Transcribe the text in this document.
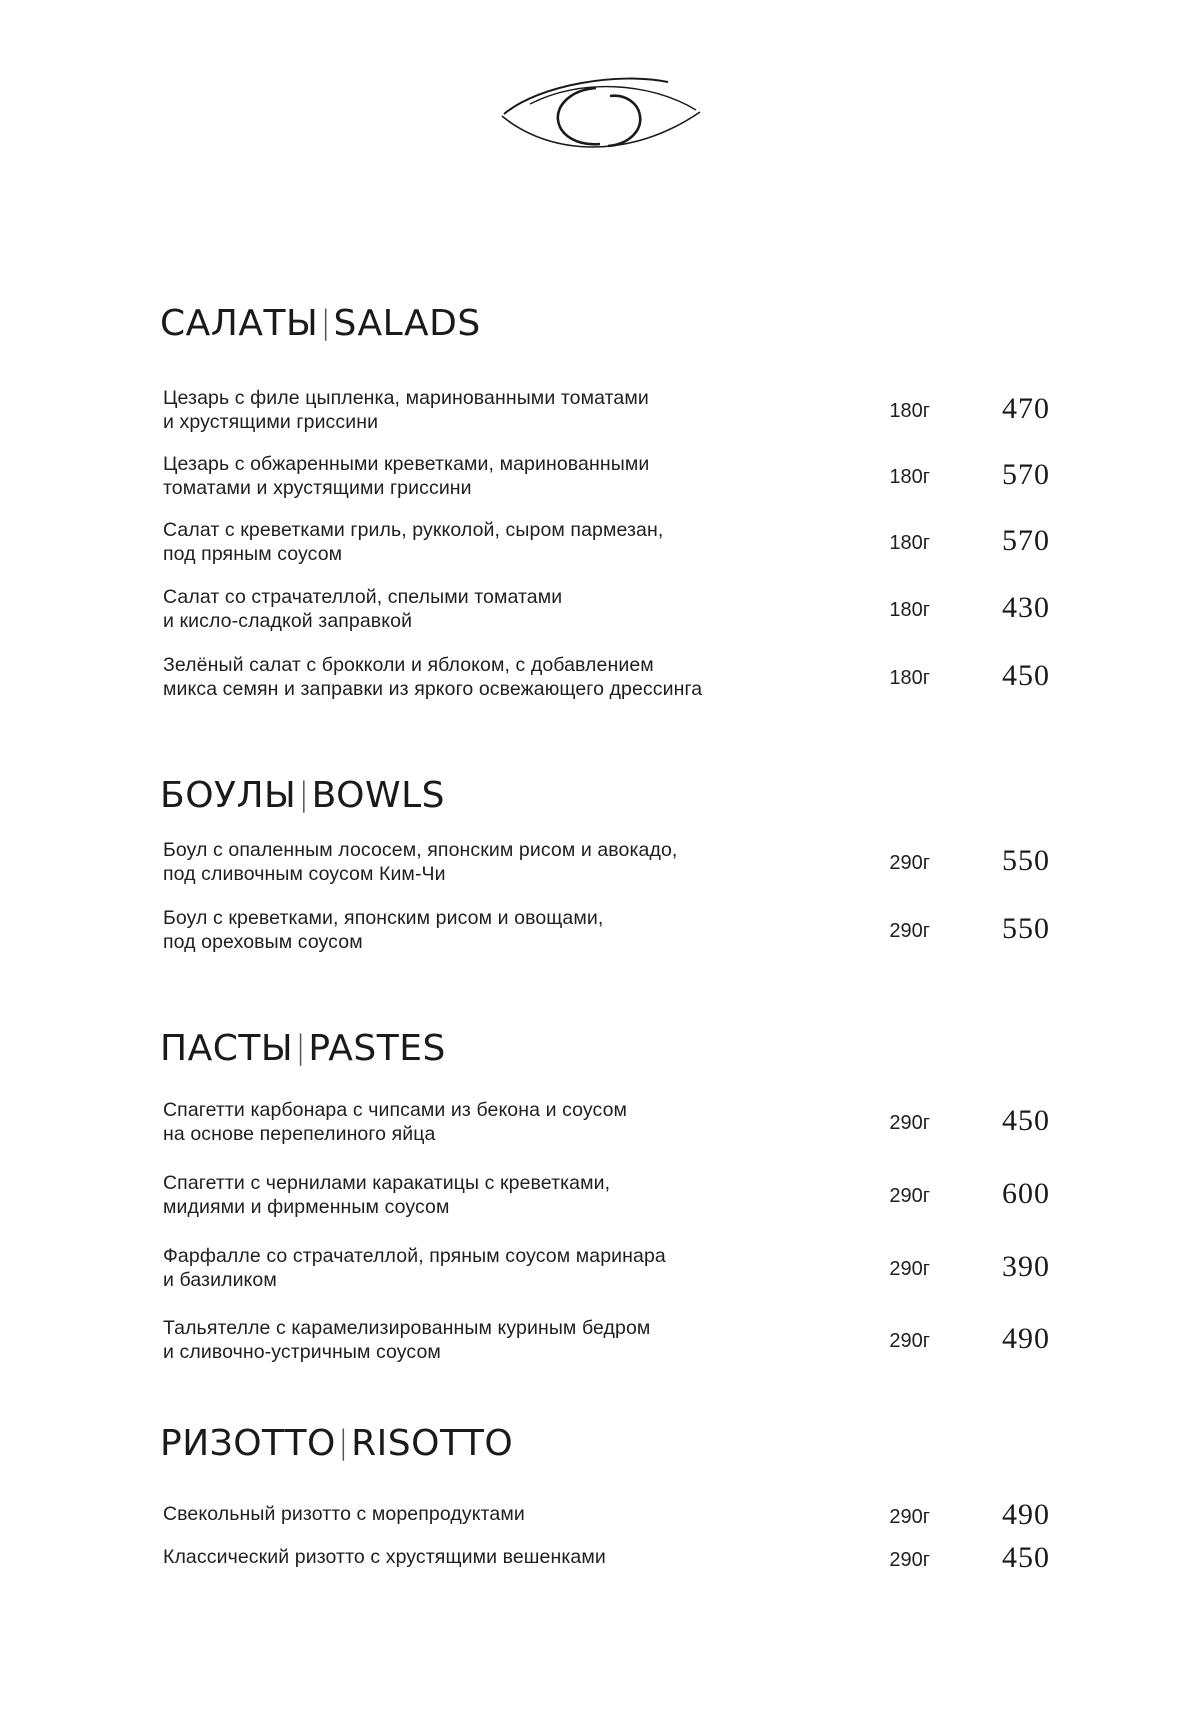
САЛАТЫ|SALADS
Цезарь с филе цыпленка, маринованными томатами
и хрустящими гриссини	180г	470
Цезарь с обжаренными креветками, маринованными
томатами и хрустящими гриссини	180г	570
Салат с креветками гриль, рукколой, сыром пармезан,
под пряным соусом	180г	570
Салат со страчателлой, спелыми томатами
и кисло-сладкой заправкой	180г	430
Зелёный салат с брокколи и яблоком, с добавлением
микса семян и заправки из яркого освежающего дрессинга	180г	450
БОУЛЫ|BOWLS
Боул с опаленным лососем, японским рисом и авокадо,
под сливочным соусом Ким-Чи	290г	550
Боул с креветками, японским рисом и овощами,
под ореховым соусом	290г	550
ПАСТЫ|PASTES
Спагетти карбонара с чипсами из бекона и соусом
на основе перепелиного яйца	290г	450
Спагетти с чернилами каракатицы с креветками,
мидиями и фирменным соусом	290г	600
Фарфалле со страчателлой, пряным соусом маринара
и базиликом	290г	390
Тальятелле с карамелизированным куриным бедром
и сливочно-устричным соусом	290г	490
РИЗОТТО|RISOTTO
Свекольный ризотто с морепродуктами	290г	490
Классический ризотто с хрустящими вешенками	290г	450
